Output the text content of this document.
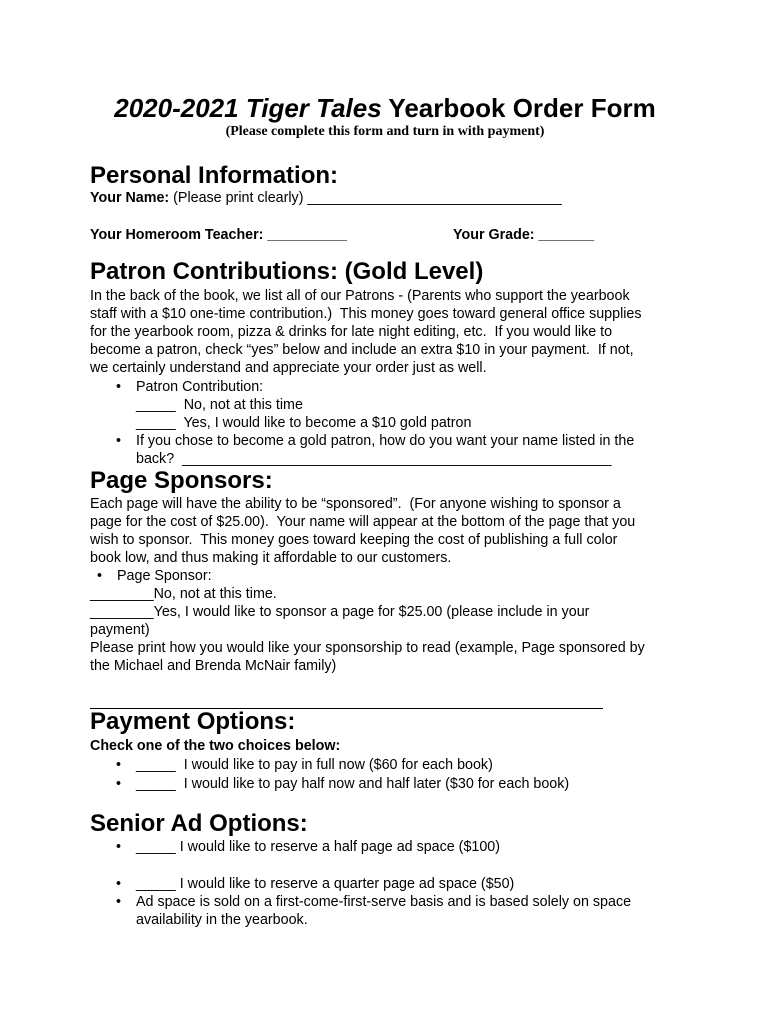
2020-2021 Tiger Tales Yearbook Order Form
(Please complete this form and turn in with payment)
Personal Information:
Your Name: (Please print clearly) ________________________________
Your Homeroom Teacher: __________	Your Grade: _______
Patron Contributions: (Gold Level)
In the back of the book, we list all of our Patrons - (Parents who support the yearbook
staff with a $10 one-time contribution.)  This money goes toward general office supplies
for the yearbook room, pizza & drinks for late night editing, etc.  If you would like to
become a patron, check “yes” below and include an extra $10 in your payment.  If not,
we certainly understand and appreciate your order just as well.
• Patron Contribution:
_____  No, not at this time
_____  Yes, I would like to become a $10 gold patron
• If you chose to become a gold patron, how do you want your name listed in the
back?  ______________________________________________________
Page Sponsors:
Each page will have the ability to be “sponsored”.  (For anyone wishing to sponsor a
page for the cost of $25.00).  Your name will appear at the bottom of the page that you
wish to sponsor.  This money goes toward keeping the cost of publishing a full color
book low, and thus making it affordable to our customers.
• Page Sponsor:
________No, not at this time.
________Yes, I would like to sponsor a page for $25.00 (please include in your
payment)
Please print how you would like your sponsorship to read (example, Page sponsored by
the Michael and Brenda McNair family)
Payment Options:
Check one of the two choices below:
• _____  I would like to pay in full now ($60 for each book)
• _____  I would like to pay half now and half later ($30 for each book)
Senior Ad Options:
• _____ I would like to reserve a half page ad space ($100)
• _____ I would like to reserve a quarter page ad space ($50)
• Ad space is sold on a first-come-first-serve basis and is based solely on space
availability in the yearbook.
